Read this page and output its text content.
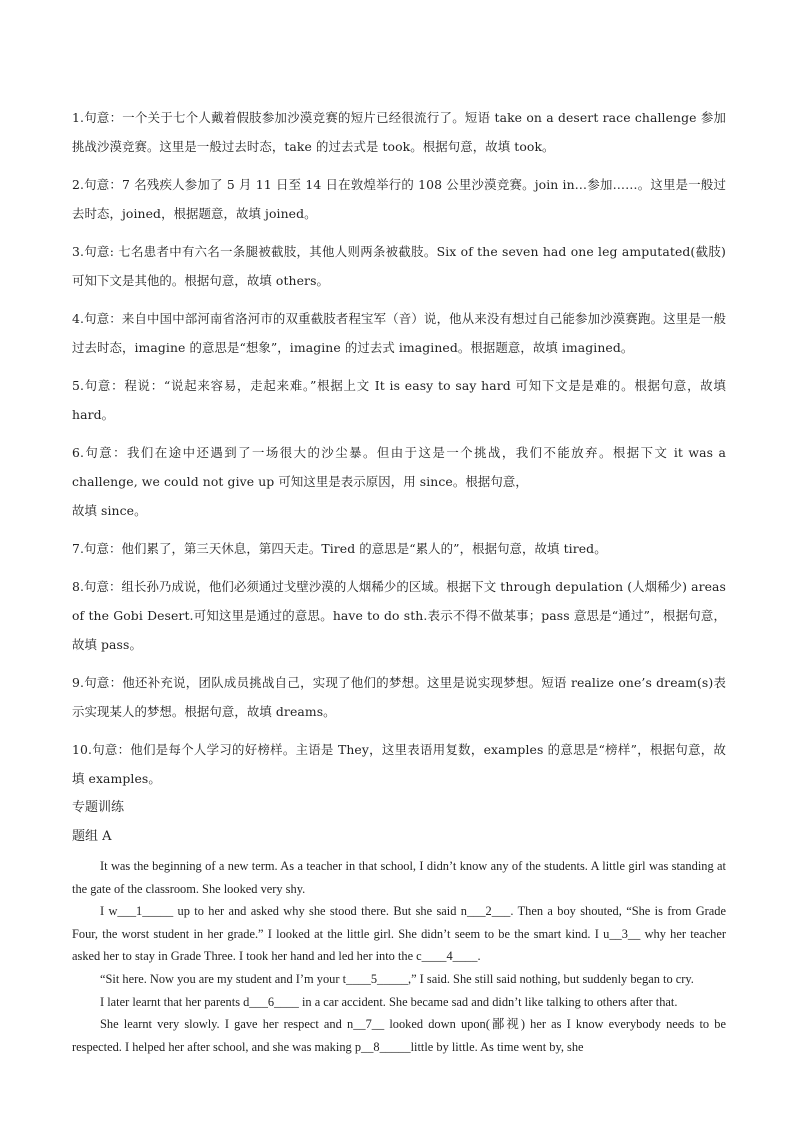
1.句意：一个关于七个人戴着假肢参加沙漠竞赛的短片已经很流行了。短语 take on a desert race challenge 参加挑战沙漠竞赛。这里是一般过去时态，take 的过去式是 took。根据句意，故填 took。

2.句意：7 名残疾人参加了 5 月 11 日至 14 日在敦煌举行的 108 公里沙漠竞赛。join in…参加……。这里是一般过去时态，joined，根据题意，故填 joined。

3.句意: 七名患者中有六名一条腿被截肢，其他人则两条被截肢。Six of the seven had one leg amputated(截肢)可知下文是其他的。根据句意，故填 others。

4.句意：来自中国中部河南省洛河市的双重截肢者程宝军（音）说，他从来没有想过自己能参加沙漠赛跑。这里是一般过去时态，imagine 的意思是“想象”，imagine 的过去式 imagined。根据题意，故填 imagined。

5.句意：程说：“说起来容易，走起来难。”根据上文 It is easy to say hard 可知下文是是难的。根据句意，故填 hard。

6.句意：我们在途中还遇到了一场很大的沙尘暴。但由于这是一个挑战，我们不能放弃。根据下文 it was a challenge, we could not give up 可知这里是表示原因，用 since。根据句意，

故填 since。

7.句意：他们累了，第三天休息，第四天走。Tired 的意思是“累人的”，根据句意，故填 tired。

8.句意：组长孙乃成说，他们必须通过戈壁沙漠的人烟稀少的区域。根据下文 through depulation (人烟稀少) areas of the Gobi Desert.可知这里是通过的意思。have to do sth.表示不得不做某事；pass 意思是“通过”，根据句意，故填 pass。

9.句意：他还补充说，团队成员挑战自己，实现了他们的梦想。这里是说实现梦想。短语 realize one’s dream(s)表示实现某人的梦想。根据句意，故填 dreams。

10.句意：他们是每个人学习的好榜样。主语是 They，这里表语用复数，examples 的意思是“榜样”，根据句意，故填 examples。

专题训练

题组 A

It was the beginning of a new term. As a teacher in that school, I didn’t know any of the students. A little girl was standing at the gate of the classroom. She looked very shy.

I w___1_____ up to her and asked why she stood there. But she said n___2___. Then a boy shouted, “She is from Grade Four, the worst student in her grade.” I looked at the little girl. She didn’t seem to be the smart kind. I u__3__ why her teacher asked her to stay in Grade Three. I took her hand and led her into the c____4____.

“Sit here. Now you are my student and I’m your t____5_____,” I said. She still said nothing, but suddenly began to cry.

I later learnt that her parents d___6____ in a car accident. She became sad and didn’t like talking to others after that.

She learnt very slowly. I gave her respect and n__7__ looked down upon(鄙视) her as I know everybody needs to be respected. I helped her after school, and she was making p__8_____little by little. As time went by, she
